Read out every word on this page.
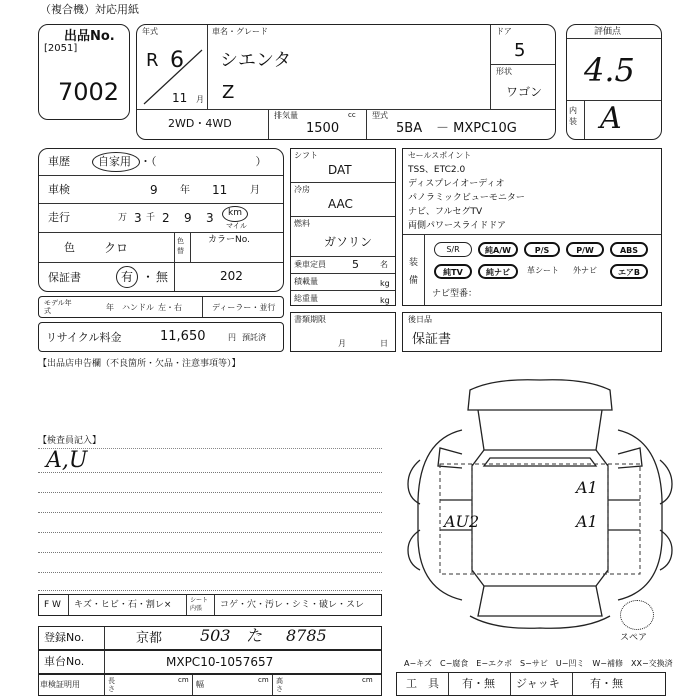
（複合機）対応用紙
出品No.
[2051]
7002
年式
R 6
11 月
車名・グレード
シエンタ
Z
ドア
5
形状
ワゴン
2WD・4WD
排気量	cc
1500
型式
5BA － MXPC10G
評価点
4.5
内装 A
車歴	自家用 ・（　　　　　　　　　）
車検	9 年 11 月
走行	万 3 千 2 9 3 km
マイル
色 クロ	色替
カラーNo.
202
保証書	有 ・ 無
モデル年式	年 ハンドル 左・右	ディーラー・並行
リサイクル料金	11,650	円 預託済
シフト
DAT
冷房
AAC
燃料
ガソリン
乗車定員 5	名
積載量	kg
総重量	kg
書類期限
月	日
セールスポイント
TSS、ETC2.0
ディスプレイオーディオ
パノラミックビューモニター
ナビ、フルセグTV
両側パワースライドドア
装備
S/R	純A/W	P/S	P/W	ABS
純TV	純ナビ	革シート	外ナビ	エアB
ナビ型番：
後日品
保証書
【出品店申告欄（不良箇所・欠品・注意事項等）】
【検査員記入】
A,U
A1
A1
AU2
スペア
F W キズ・ヒビ・石・割レ×	シート内張	コゲ・穴・汚レ・シミ・破レ・スレ
登録No.	京都 503 た 8785
車台No.	MXPC10-1057657
車検証明用	長さ
cm 幅	cm 高さ
cm
A−キズ　C−腐食　E−エクボ　S−サビ　U−凹ミ　W−補修　XX−交換済
工　具 有・無 ジャッキ	有・無
